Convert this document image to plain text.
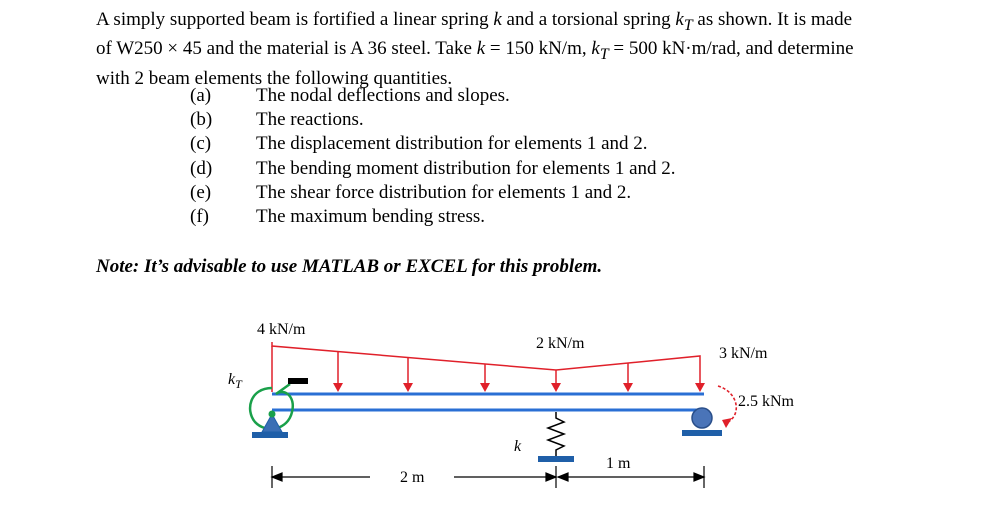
A simply supported beam is fortified a linear spring k and a torsional spring $k_T$ as shown. It is made

of W250 × 45 and the material is A 36 steel. Take k = 150 kN/m, $k_T = 500$ kN·m/rad, and determine

with 2 beam elements the following quantities.

(a)	The nodal deflections and slopes.
(b)	The reactions.
(c)	The displacement distribution for elements 1 and 2.
(d)	The bending moment distribution for elements 1 and 2.
(e)	The shear force distribution for elements 1 and 2.
(f)	The maximum bending stress.
Note: It’s advisable to use MATLAB or EXCEL for this problem.
4 kN/m
2 kN/m
3 kN/m
2.5 kNm
$k_T$
k
2 m
1 m
